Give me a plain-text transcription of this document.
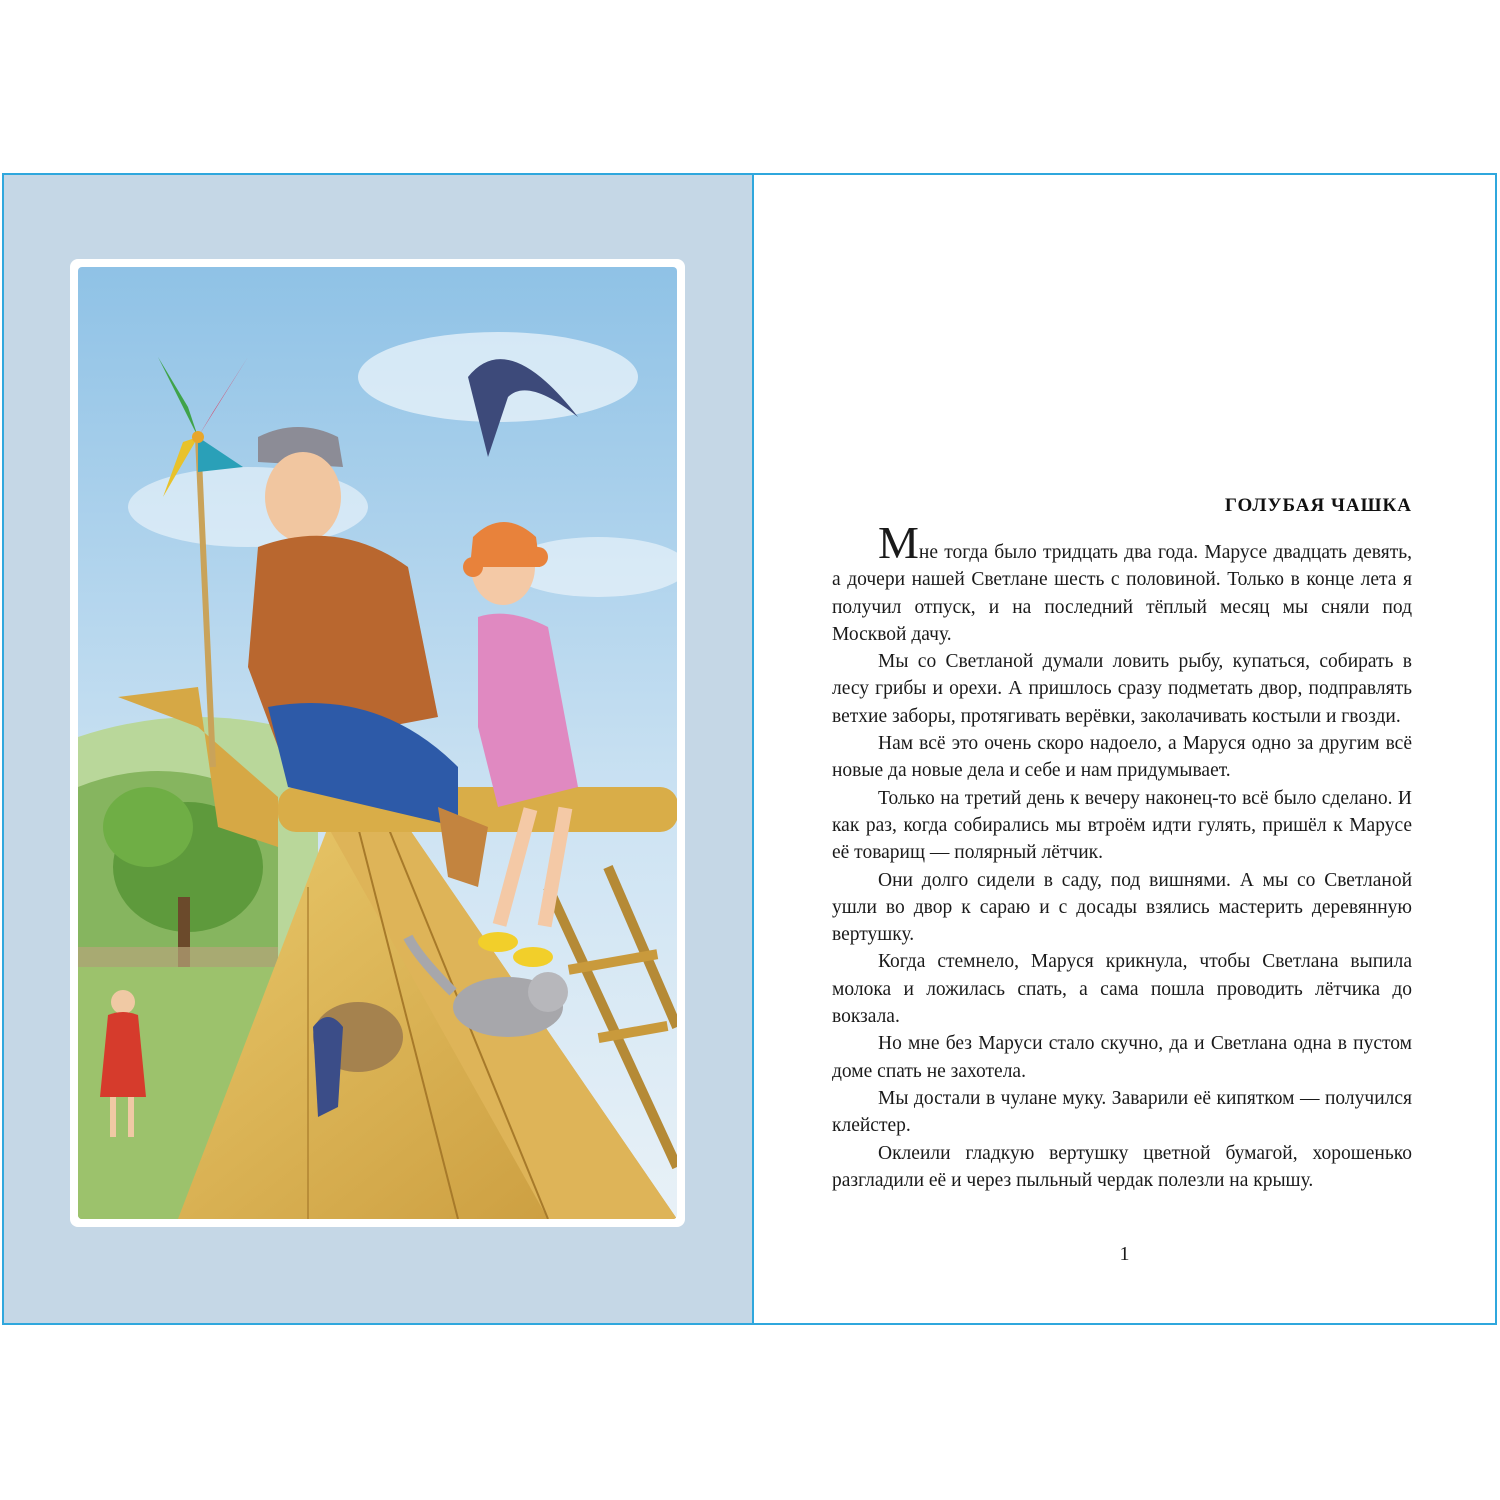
ГОЛУБАЯ ЧАШКА

Мне тогда было тридцать два года. Марусе двадцать девять, а дочери нашей Светлане шесть с половиной. Только в конце лета я получил отпуск, и на последний тёплый месяц мы сняли под Москвой дачу.

Мы со Светланой думали ловить рыбу, купаться, собирать в лесу грибы и орехи. А пришлось сразу подметать двор, подправлять ветхие заборы, протягивать верёвки, заколачивать костыли и гвозди.

Нам всё это очень скоро надоело, а Маруся одно за другим всё новые да новые дела и себе и нам придумывает.

Только на третий день к вечеру наконец-то всё было сделано. И как раз, когда собирались мы втроём идти гулять, пришёл к Марусе её товарищ — полярный лётчик.

Они долго сидели в саду, под вишнями. А мы со Светланой ушли во двор к сараю и с досады взялись мастерить деревянную вертушку.

Когда стемнело, Маруся крикнула, чтобы Светлана выпила молока и ложилась спать, а сама пошла проводить лётчика до вокзала.

Но мне без Маруси стало скучно, да и Светлана одна в пустом доме спать не захотела.

Мы достали в чулане муку. Заварили её кипятком — получился клейстер.

Оклеили гладкую вертушку цветной бумагой, хорошенько разгладили её и через пыльный чердак полезли на крышу.

1
